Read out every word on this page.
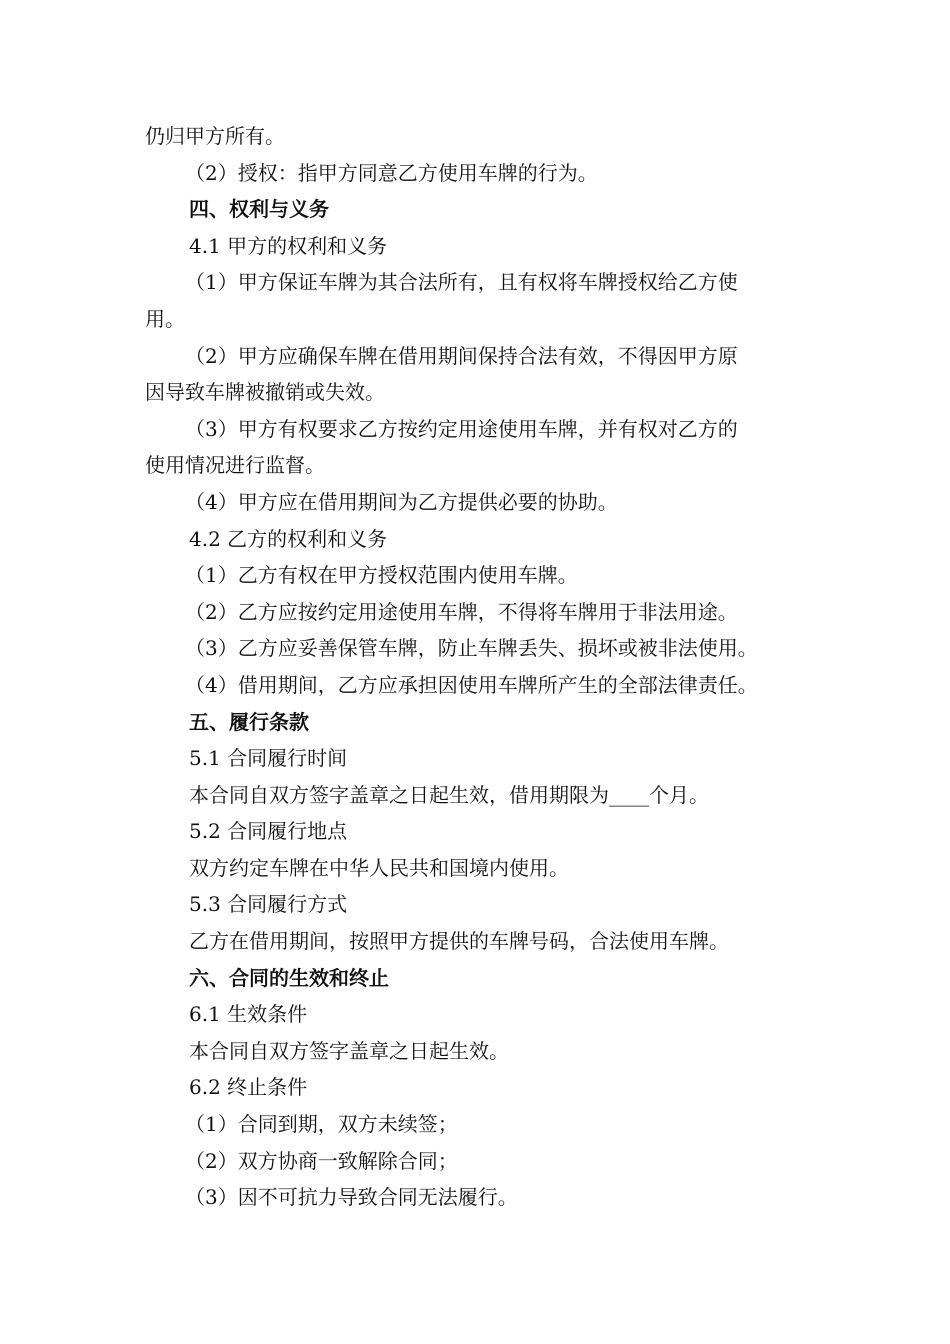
仍归甲方所有。

（2）授权：指甲方同意乙方使用车牌的行为。

四、权利与义务

4.1 甲方的权利和义务

（1）甲方保证车牌为其合法所有，且有权将车牌授权给乙方使

用。

（2）甲方应确保车牌在借用期间保持合法有效，不得因甲方原

因导致车牌被撤销或失效。

（3）甲方有权要求乙方按约定用途使用车牌，并有权对乙方的

使用情况进行监督。

（4）甲方应在借用期间为乙方提供必要的协助。

4.2 乙方的权利和义务

（1）乙方有权在甲方授权范围内使用车牌。

（2）乙方应按约定用途使用车牌，不得将车牌用于非法用途。

（3）乙方应妥善保管车牌，防止车牌丢失、损坏或被非法使用。

（4）借用期间，乙方应承担因使用车牌所产生的全部法律责任。

五、履行条款

5.1 合同履行时间

本合同自双方签字盖章之日起生效，借用期限为____个月。

5.2 合同履行地点

双方约定车牌在中华人民共和国境内使用。

5.3 合同履行方式

乙方在借用期间，按照甲方提供的车牌号码，合法使用车牌。

六、合同的生效和终止

6.1 生效条件

本合同自双方签字盖章之日起生效。

6.2 终止条件

（1）合同到期，双方未续签；

（2）双方协商一致解除合同；

（3）因不可抗力导致合同无法履行。
